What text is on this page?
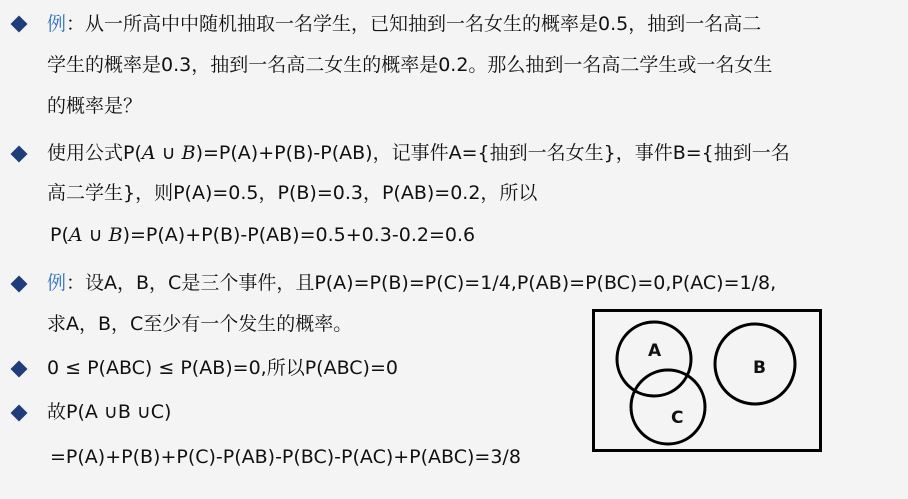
例：从一所高中中随机抽取一名学生，已知抽到一名女生的概率是0.5，抽到一名高二
学生的概率是0.3，抽到一名高二女生的概率是0.2。那么抽到一名高二学生或一名女生
的概率是？
使用公式P(A ∪ B)=P(A)+P(B)-P(AB)，记事件A={抽到一名女生}，事件B={抽到一名
高二学生}，则P(A)=0.5，P(B)=0.3，P(AB)=0.2，所以
P(A ∪ B)=P(A)+P(B)-P(AB)=0.5+0.3-0.2=0.6
例：设A，B，C是三个事件，且P(A)=P(B)=P(C)=1/4,P(AB)=P(BC)=0,P(AC)=1/8,
求A，B，C至少有一个发生的概率。
0 ≤ P(ABC) ≤ P(AB)=0,所以P(ABC)=0
故P(A ∪B ∪C)
=P(A)+P(B)+P(C)-P(AB)-P(BC)-P(AC)+P(ABC)=3/8
A
B
C
